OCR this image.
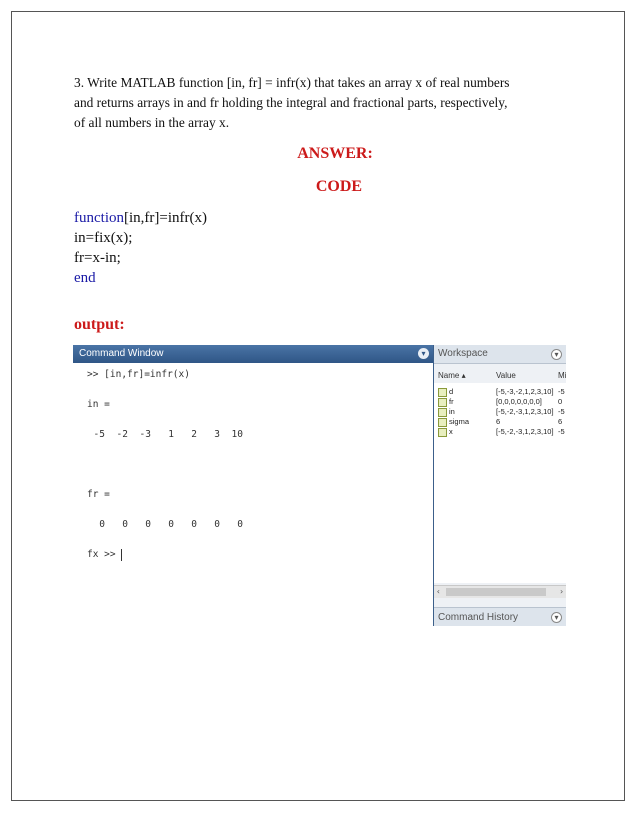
3. Write MATLAB function [in, fr] = infr(x) that takes an array x of real numbers
and returns arrays in and fr holding the integral and fractional parts, respectively,
of all numbers in the array x.
ANSWER:
CODE
function[in,fr]=infr(x)
in=fix(x);
fr=x-in;
end
output:
Command Window	▾
>> [in,fr]=infr(x)

in =

-5 -2 -3 1 2 3 10

fr =

0 0 0 0 0 0 0

fx >>
Workspace	▾
Name ▴	Value	Mi
d	[-5,-3,-2,1,2,3,10] -5
fr	[0,0,0,0,0,0,0]	0
in	[-5,-2,-3,1,2,3,10] -5
sigma	6	6
x	[-5,-2,-3,1,2,3,10] -5
‹	›
Command History	▾
